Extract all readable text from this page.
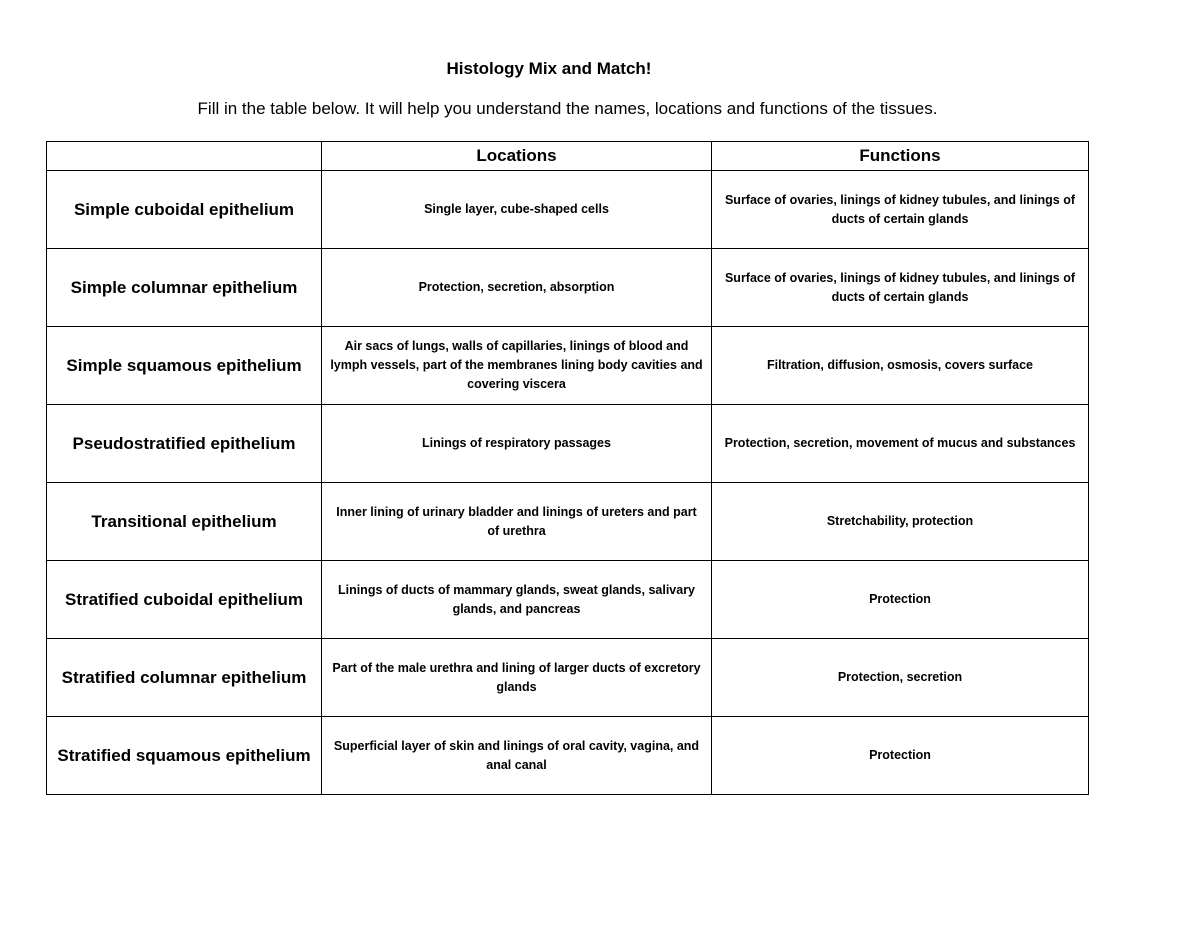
Histology Mix and Match!
Fill in the table below. It will help you understand the names, locations and functions of the tissues.
	Locations	Functions
Simple cuboidal epithelium	Single layer, cube-shaped cells	Surface of ovaries, linings of kidney tubules, and linings of ducts of certain glands
Simple columnar epithelium	Protection, secretion, absorption	Surface of ovaries, linings of kidney tubules, and linings of ducts of certain glands
Simple squamous epithelium	Air sacs of lungs, walls of capillaries, linings of blood and lymph vessels, part of the membranes lining body cavities and covering viscera	Filtration, diffusion, osmosis, covers surface
Pseudostratified epithelium	Linings of respiratory passages	Protection, secretion, movement of mucus and substances
Transitional epithelium	Inner lining of urinary bladder and linings of ureters and part of urethra	Stretchability, protection
Stratified cuboidal epithelium	Linings of ducts of mammary glands, sweat glands, salivary glands, and pancreas	Protection
Stratified columnar epithelium	Part of the male urethra and lining of larger ducts of excretory glands	Protection, secretion
Stratified squamous epithelium	Superficial layer of skin and linings of oral cavity, vagina, and anal canal	Protection
